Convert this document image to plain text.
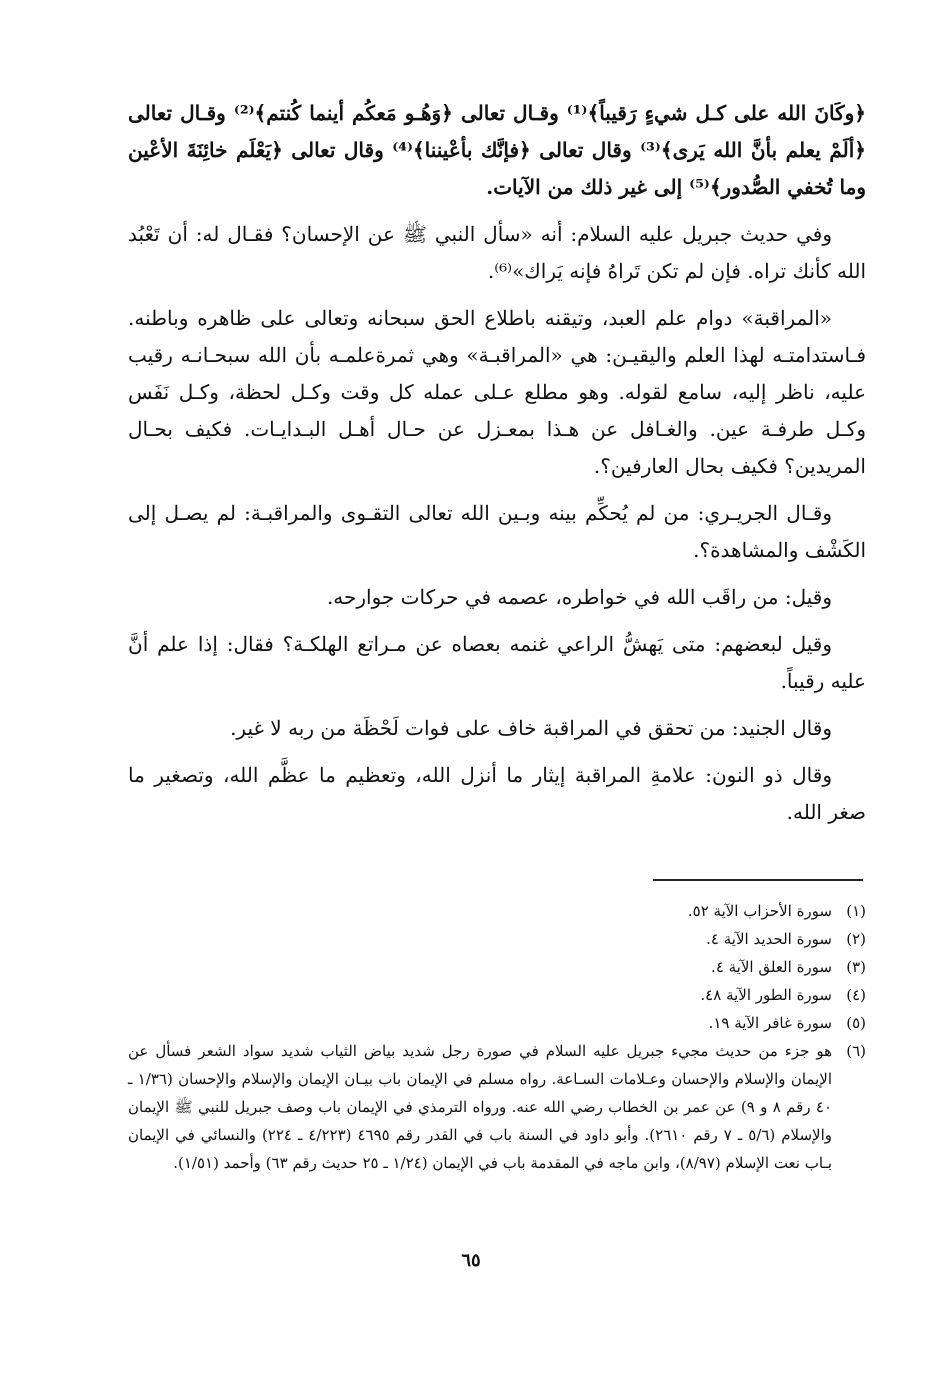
﴿وكَانَ الله على كـل شيءٍ رَقيباً﴾⁽¹⁾ وقـال تعالى ﴿وَهُـو مَعكُم أينما كُنتم﴾⁽²⁾ وقـال تعالى ﴿ألَمْ يعلم بأنَّ الله يَرى﴾⁽³⁾ وقال تعالى ﴿فإنَّك بأعْيننا﴾⁽⁴⁾ وقال تعالى ﴿يَعْلَم خائِنَةَ الأعْين وما تُخفي الصُّدور﴾⁽⁵⁾ إلى غير ذلك من الآيات.

وفي حديث جبريل عليه السلام: أنه «سأل النبي ﷺ عن الإحسان؟ فقـال له: أن تَعْبُد الله كأنك تراه. فإن لم تكن تَراهُ فإنه يَراك»⁽⁶⁾.

«المراقبة» دوام علم العبد، وتيقنه باطلاع الحق سبحانه وتعالى على ظاهره وباطنه. فـاستدامتـه لهذا العلم واليقيـن: هي «المراقبـة» وهي ثمرةعلمـه بأن الله سبحـانـه رقيب عليه، ناظر إليه، سامع لقوله. وهو مطلع عـلى عمله كل وقت وكـل لحظة، وكـل نَفَس وكـل طرفـة عين. والغـافل عن هـذا بمعـزل عن حـال أهـل البـدايـات. فكيف بحـال المريدين؟ فكيف بحال العارفين؟.

وقـال الجريـري: من لم يُحكِّم بينه وبـين الله تعالى التقـوى والمراقبـة: لم يصـل إلى الكَشْف والمشاهدة؟.

وقيل: من راقَب الله في خواطره، عصمه في حركات جوارحه.

وقيل لبعضهم: متى يَهشُّ الراعي غنمه بعصاه عن مـراتع الهلكـة؟ فقال: إذا علم أنَّ عليه رقيباً.

وقال الجنيد: من تحقق في المراقبة خاف على فوات لَحْظَة من ربه لا غير.

وقال ذو النون: علامةِ المراقبة إيثار ما أنزل الله، وتعظيم ما عظَّم الله، وتصغير ما صغر الله.

(١)
سورة الأحزاب الآية ٥٢.
(٢)
سورة الحديد الآية ٤.
(٣)
سورة العلق الآية ٤.
(٤)
سورة الطور الآية ٤٨.
(٥)
سورة غافر الآية ١٩.
(٦)
هو جزء من حديث مجيء جبريل عليه السلام في صورة رجل شديد بياض الثياب شديد سواد الشعر فسأل عن الإيمان والإسلام والإحسان وعـلامات السـاعة. رواه مسلم في الإيمان باب بيـان الإيمان والإسلام والإحسان (١/٣٦ ـ ٤٠ رقم ٨ و ٩) عن عمر بن الخطاب رضي الله عنه. ورواه الترمذي في الإيمان باب وصف جبريل للنبي ﷺ الإيمان والإسلام (٥/٦ ـ ٧ رقم ٢٦١٠). وأبو داود في السنة باب في القدر رقم ٤٦٩٥ (٤/٢٢٣ ـ ٢٢٤) والنسائي في الإيمان بـاب نعت الإسلام (٨/٩٧)، وابن ماجه في المقدمة باب في الإيمان (١/٢٤ ـ ٢٥ حديث رقم ٦٣) وأحمد (١/٥١).
٦٥
